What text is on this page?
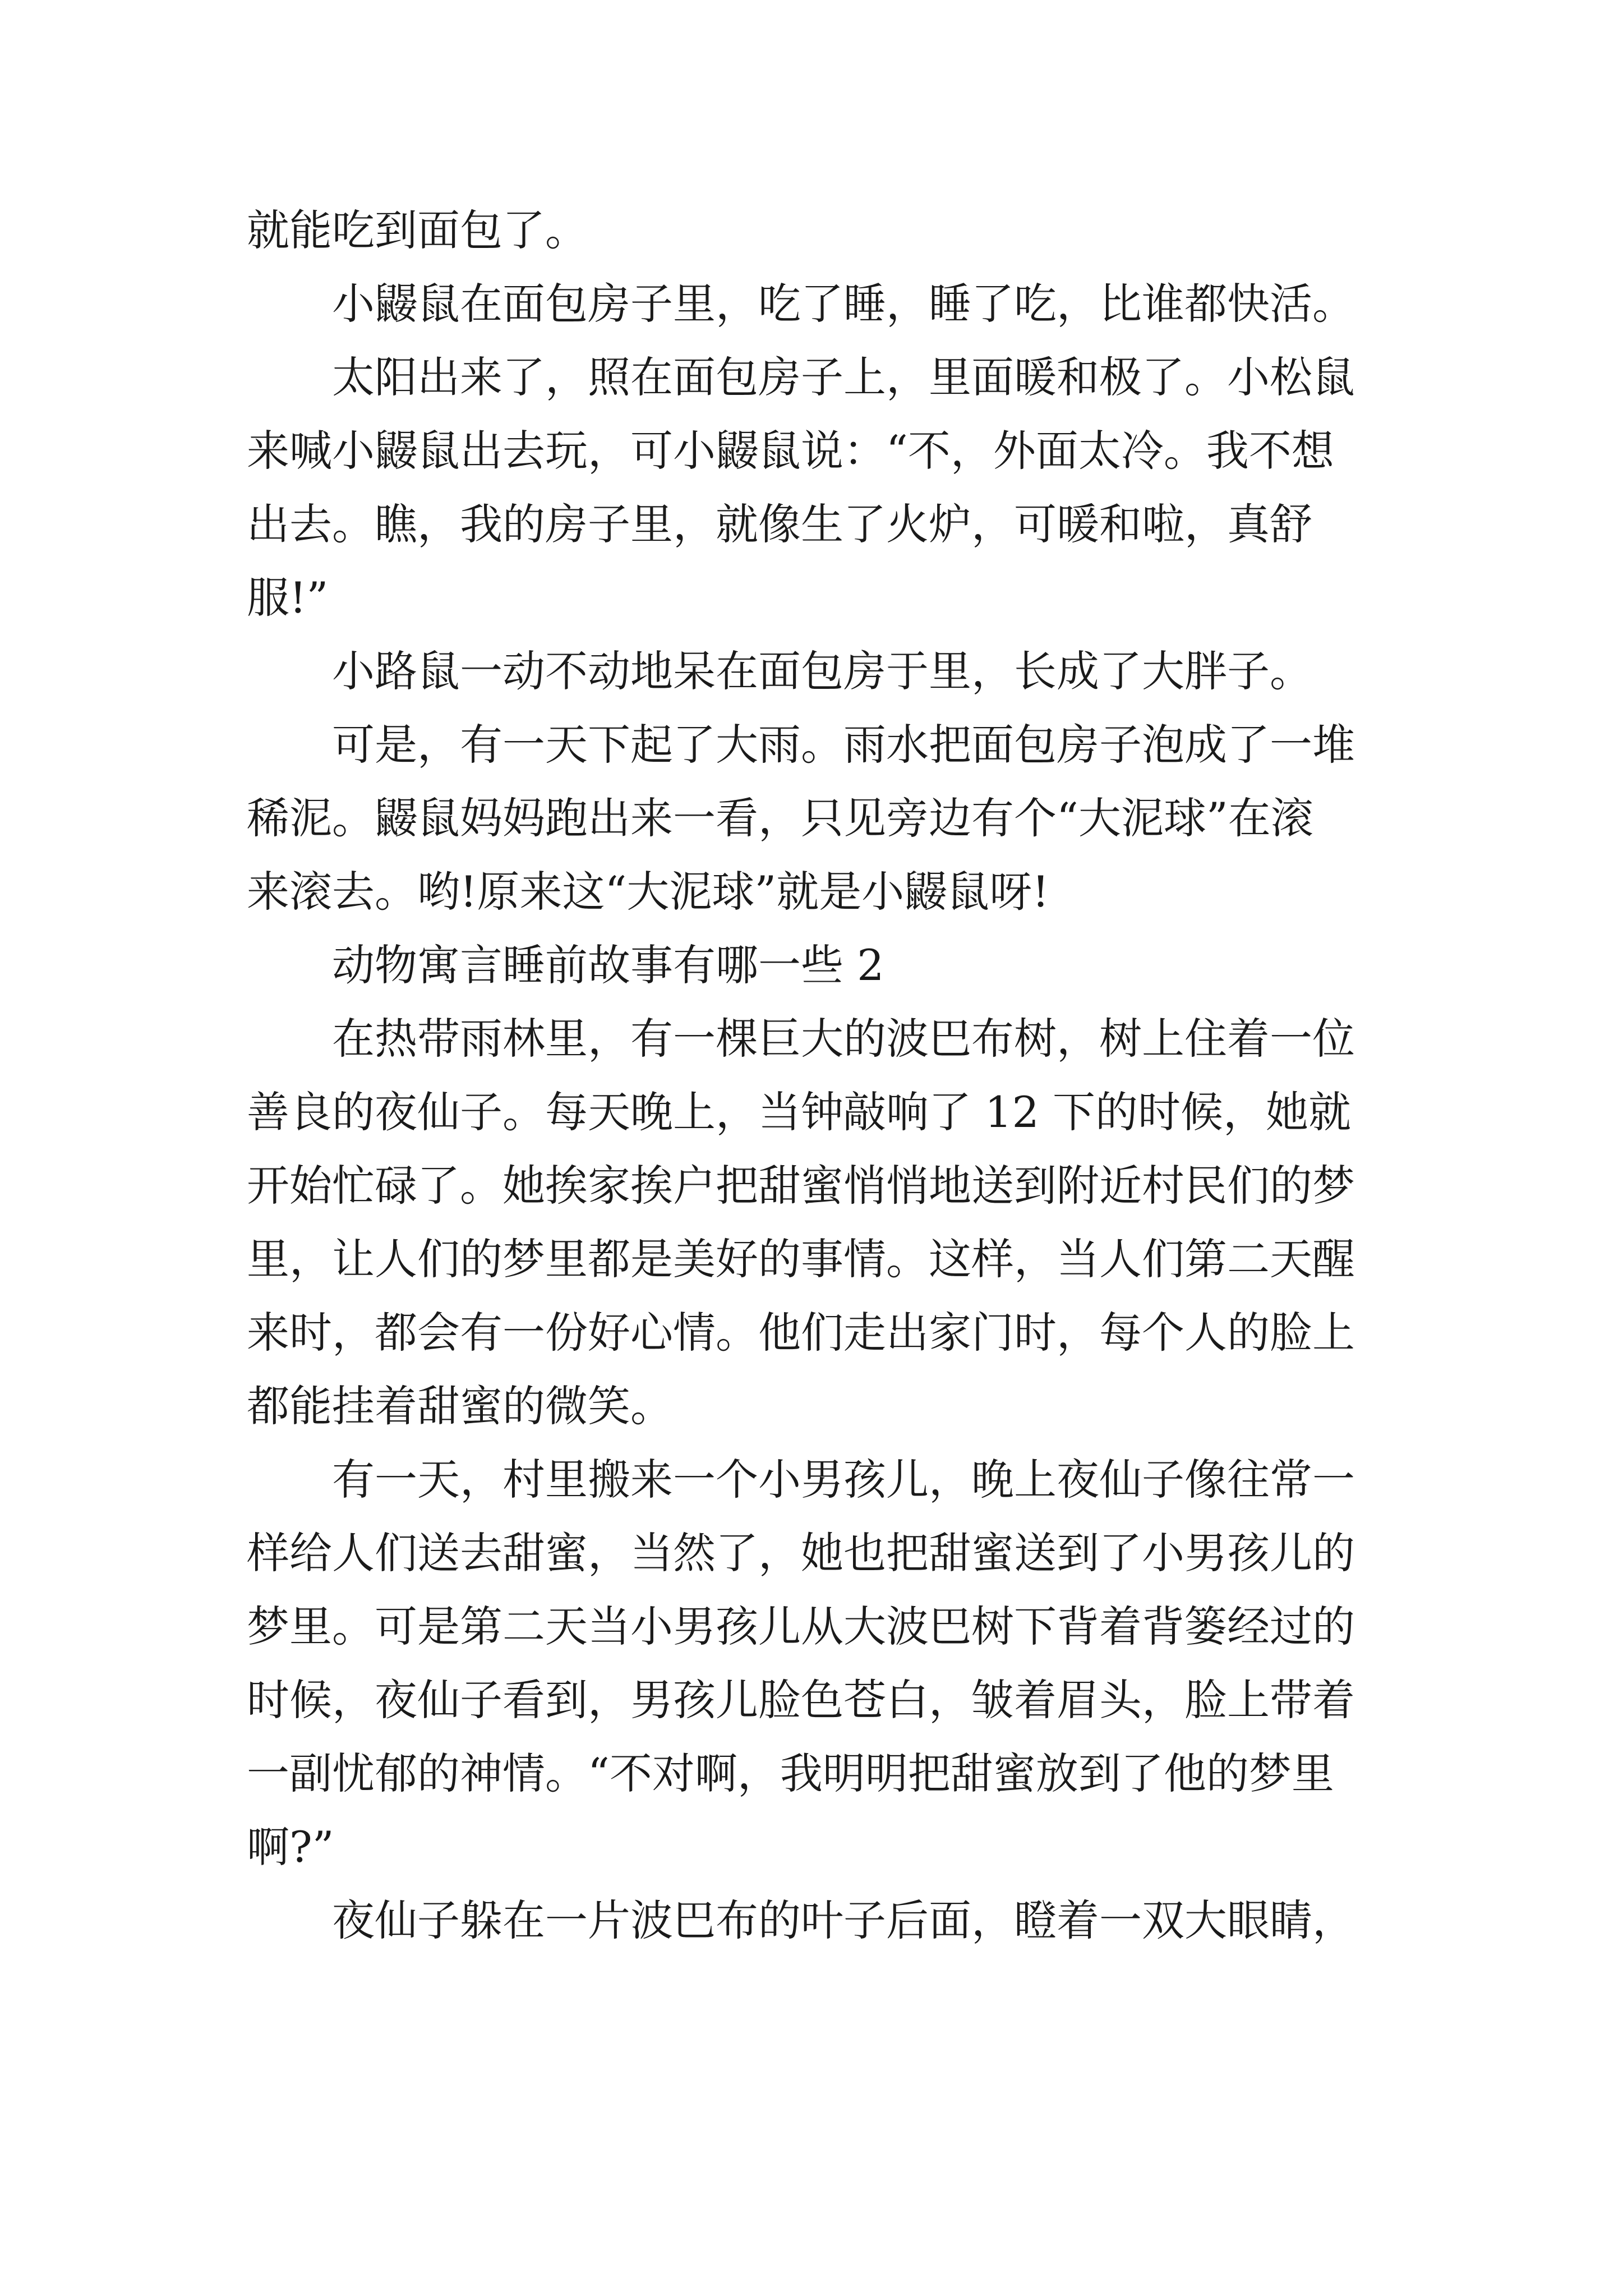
就能吃到面包了。
小鼹鼠在面包房子里，吃了睡，睡了吃，比谁都快活。
太阳出来了，照在面包房子上，里面暖和极了。小松鼠
来喊小鼹鼠出去玩，可小鼹鼠说：“不，外面太冷。我不想
出去。瞧，我的房子里，就像生了火炉，可暖和啦，真舒
服!”
小路鼠一动不动地呆在面包房于里，长成了大胖子。
可是，有一天下起了大雨。雨水把面包房子泡成了一堆
稀泥。鼹鼠妈妈跑出来一看，只见旁边有个“大泥球”在滚
来滚去。哟!原来这“大泥球”就是小鼹鼠呀!
动物寓言睡前故事有哪一些 2
在热带雨林里，有一棵巨大的波巴布树，树上住着一位
善良的夜仙子。每天晚上，当钟敲响了 12 下的时候，她就
开始忙碌了。她挨家挨户把甜蜜悄悄地送到附近村民们的梦
里，让人们的梦里都是美好的事情。这样，当人们第二天醒
来时，都会有一份好心情。他们走出家门时，每个人的脸上
都能挂着甜蜜的微笑。
有一天，村里搬来一个小男孩儿，晚上夜仙子像往常一
样给人们送去甜蜜，当然了，她也把甜蜜送到了小男孩儿的
梦里。可是第二天当小男孩儿从大波巴树下背着背篓经过的
时候，夜仙子看到，男孩儿脸色苍白，皱着眉头，脸上带着
一副忧郁的神情。“不对啊，我明明把甜蜜放到了他的梦里
啊?”
夜仙子躲在一片波巴布的叶子后面，瞪着一双大眼睛，
